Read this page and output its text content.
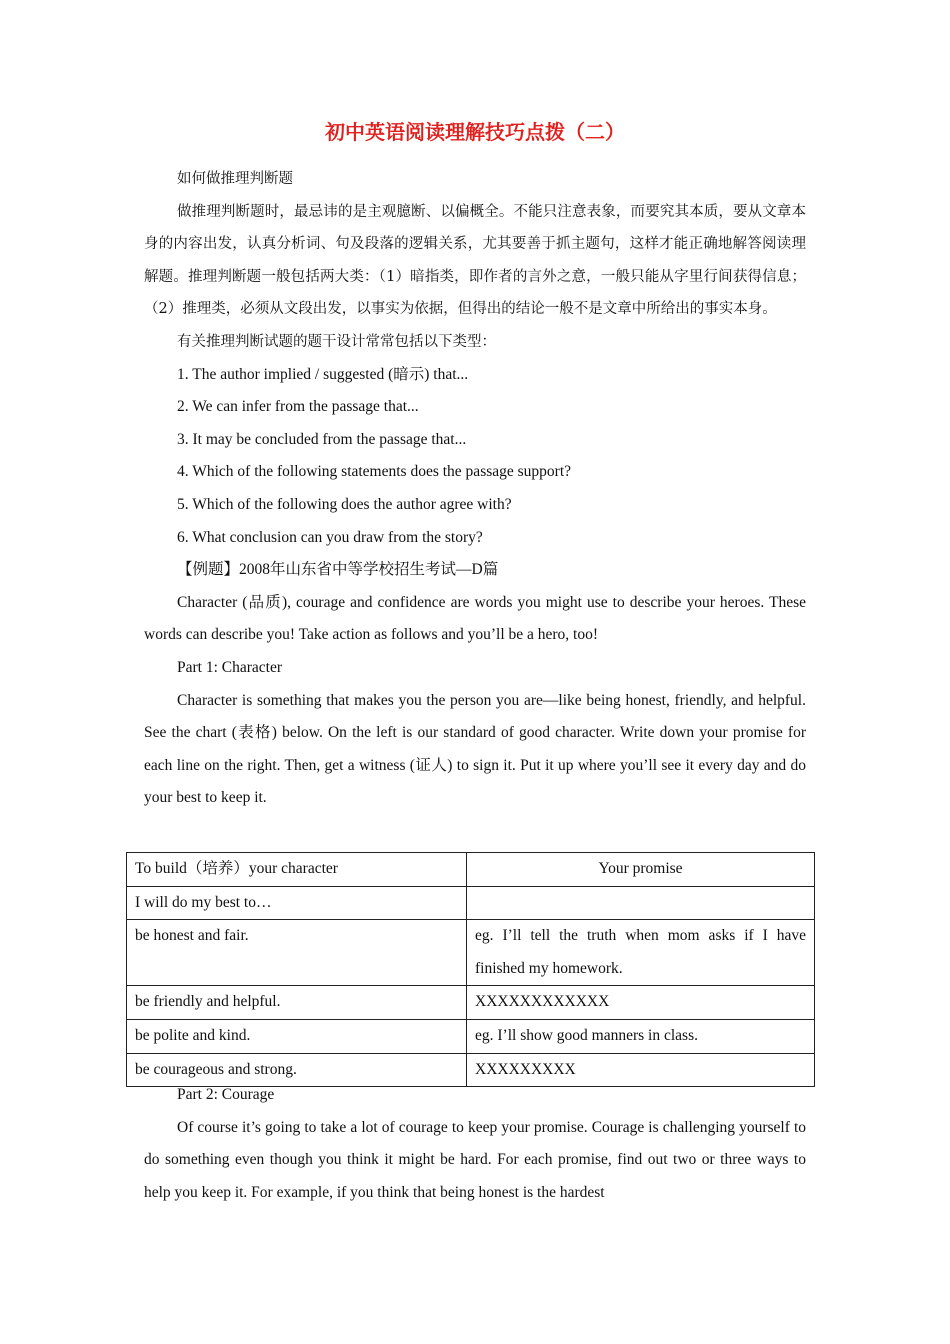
初中英语阅读理解技巧点拨（二）

如何做推理判断题

做推理判断题时，最忌讳的是主观臆断、以偏概全。不能只注意表象，而要究其本质，要从文章本身的内容出发，认真分析词、句及段落的逻辑关系，尤其要善于抓主题句，这样才能正确地解答阅读理解题。推理判断题一般包括两大类：（1）暗指类，即作者的言外之意，一般只能从字里行间获得信息；（2）推理类，必须从文段出发，以事实为依据，但得出的结论一般不是文章中所给出的事实本身。

有关推理判断试题的题干设计常常包括以下类型：

1. The author implied / suggested (暗示) that...
2. We can infer from the passage that...
3. It may be concluded from the passage that...
4. Which of the following statements does the passage support?
5. Which of the following does the author agree with?
6. What conclusion can you draw from the story?

【例题】2008年山东省中等学校招生考试—D篇

Character (品质), courage and confidence are words you might use to describe your heroes. These words can describe you! Take action as follows and you’ll be a hero, too!

Part 1: Character

Character is something that makes you the person you are—like being honest, friendly, and helpful. See the chart (表格) below. On the left is our standard of good character. Write down your promise for each line on the right. Then, get a witness (证人) to sign it. Put it up where you’ll see it every day and do your best to keep it.

To build（培养）your character	Your promise
I will do my best to…	
be honest and fair.	eg. I’ll tell the truth when mom asks if I have finished my homework.
be friendly and helpful.	XXXXXXXXXXXX
be polite and kind.	eg. I’ll show good manners in class.
be courageous and strong.	XXXXXXXXX

Part 2: Courage

Of course it’s going to take a lot of courage to keep your promise. Courage is challenging yourself to do something even though you think it might be hard. For each promise, find out two or three ways to help you keep it. For example, if you think that being honest is the hardest
